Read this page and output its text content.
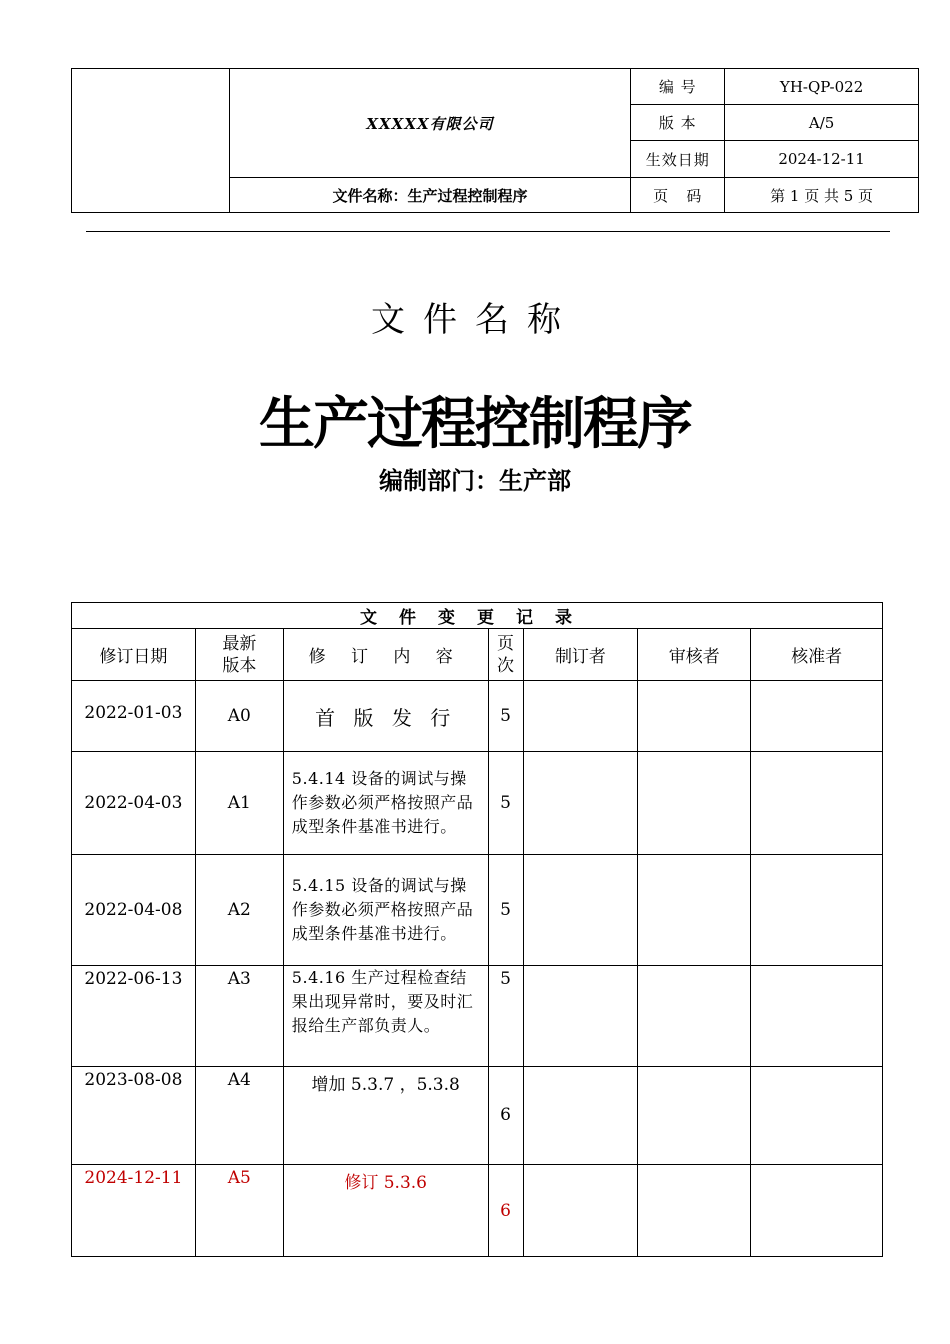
	XXXXX有限公司	编 号	YH-QP-022
		版 本	A/5
		生效日期	2024-12-11
	文件名称：生产过程控制程序	页   码	第 1 页 共 5 页
文件名称
生产过程控制程序
编制部门：生产部
文件变更记录						
修订日期	最新版本	修 订 内 容	页次	制订者	审核者	核准者
2022-01-03	A0	首 版 发 行	5			
2022-04-03	A1	5.4.14 设备的调试与操作参数必须严格按照产品成型条件基准书进行。	5			
2022-04-08	A2	5.4.15 设备的调试与操作参数必须严格按照产品成型条件基准书进行。	5			
2022-06-13	A3	5.4.16 生产过程检查结果出现异常时，要及时汇报给生产部负责人。	5			
2023-08-08	A4	增加 5.3.7 ，5.3.8	6			
2024-12-11	A5	修订 5.3.6	6			
